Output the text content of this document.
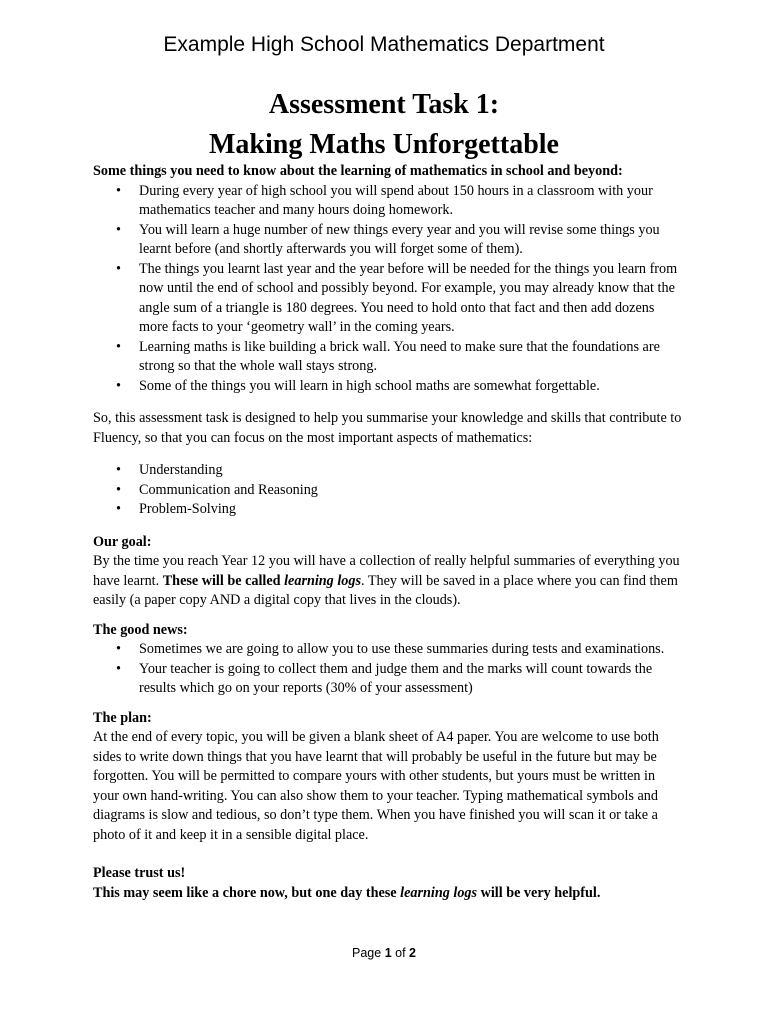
Example High School Mathematics Department
Assessment Task 1:
Making Maths Unforgettable

Some things you need to know about the learning of mathematics in school and beyond:

• During every year of high school you will spend about 150 hours in a classroom with your mathematics teacher and many hours doing homework.
• You will learn a huge number of new things every year and you will revise some things you learnt before (and shortly afterwards you will forget some of them).
• The things you learnt last year and the year before will be needed for the things you learn from now until the end of school and possibly beyond. For example, you may already know that the angle sum of a triangle is 180 degrees. You need to hold onto that fact and then add dozens more facts to your ‘geometry wall’ in the coming years.
• Learning maths is like building a brick wall. You need to make sure that the foundations are strong so that the whole wall stays strong.
• Some of the things you will learn in high school maths are somewhat forgettable.

So, this assessment task is designed to help you summarise your knowledge and skills that contribute to Fluency, so that you can focus on the most important aspects of mathematics:

• Understanding
• Communication and Reasoning
• Problem-Solving

Our goal:

By the time you reach Year 12 you will have a collection of really helpful summaries of everything you have learnt. These will be called learning logs. They will be saved in a place where you can find them easily (a paper copy AND a digital copy that lives in the clouds).

The good news:

• Sometimes we are going to allow you to use these summaries during tests and examinations.
• Your teacher is going to collect them and judge them and the marks will count towards the results which go on your reports (30% of your assessment)

The plan:

At the end of every topic, you will be given a blank sheet of A4 paper. You are welcome to use both sides to write down things that you have learnt that will probably be useful in the future but may be forgotten. You will be permitted to compare yours with other students, but yours must be written in your own hand-writing. You can also show them to your teacher. Typing mathematical symbols and diagrams is slow and tedious, so don’t type them. When you have finished you will scan it or take a photo of it and keep it in a sensible digital place.

Please trust us!

This may seem like a chore now, but one day these learning logs will be very helpful.

Page 1 of 2
